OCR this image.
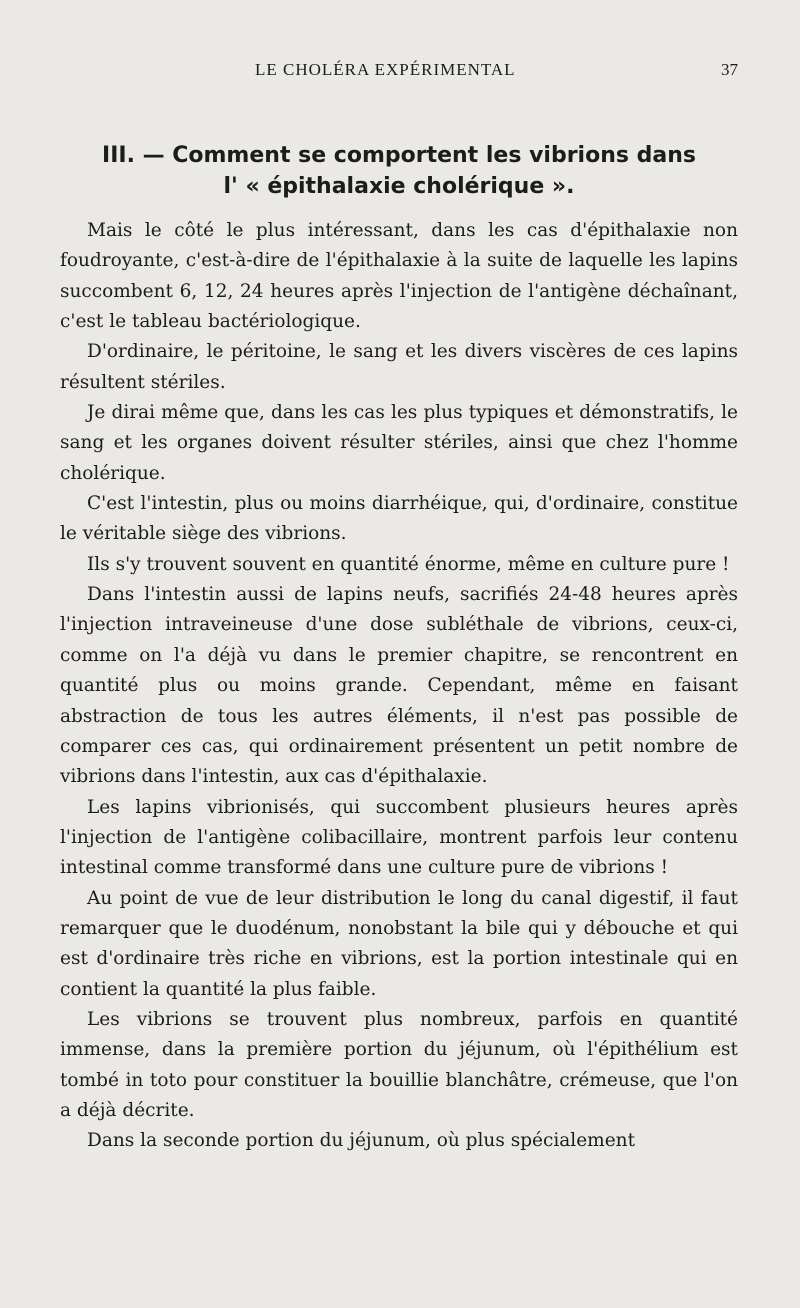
LE CHOLÉRA EXPÉRIMENTAL	37
III. — Comment se comportent les vibrions dans
l' « épithalaxie cholérique ».

Mais le côté le plus intéressant, dans les cas d'épithalaxie non foudroyante, c'est-à-dire de l'épithalaxie à la suite de laquelle les lapins succombent 6, 12, 24 heures après l'injection de l'antigène déchaînant, c'est le tableau bactériologique.

D'ordinaire, le péritoine, le sang et les divers viscères de ces lapins résultent stériles.

Je dirai même que, dans les cas les plus typiques et démonstratifs, le sang et les organes doivent résulter stériles, ainsi que chez l'homme cholérique.

C'est l'intestin, plus ou moins diarrhéique, qui, d'ordinaire, constitue le véritable siège des vibrions.

Ils s'y trouvent souvent en quantité énorme, même en culture pure !

Dans l'intestin aussi de lapins neufs, sacrifiés 24-48 heures après l'injection intraveineuse d'une dose subléthale de vibrions, ceux-ci, comme on l'a déjà vu dans le premier chapitre, se rencontrent en quantité plus ou moins grande. Cependant, même en faisant abstraction de tous les autres éléments, il n'est pas possible de comparer ces cas, qui ordinairement présentent un petit nombre de vibrions dans l'intestin, aux cas d'épithalaxie.

Les lapins vibrionisés, qui succombent plusieurs heures après l'injection de l'antigène colibacillaire, montrent parfois leur contenu intestinal comme transformé dans une culture pure de vibrions !

Au point de vue de leur distribution le long du canal digestif, il faut remarquer que le duodénum, nonobstant la bile qui y débouche et qui est d'ordinaire très riche en vibrions, est la portion intestinale qui en contient la quantité la plus faible.

Les vibrions se trouvent plus nombreux, parfois en quantité immense, dans la première portion du jéjunum, où l'épithélium est tombé in toto pour constituer la bouillie blanchâtre, crémeuse, que l'on a déjà décrite.

Dans la seconde portion du jéjunum, où plus spécialement
